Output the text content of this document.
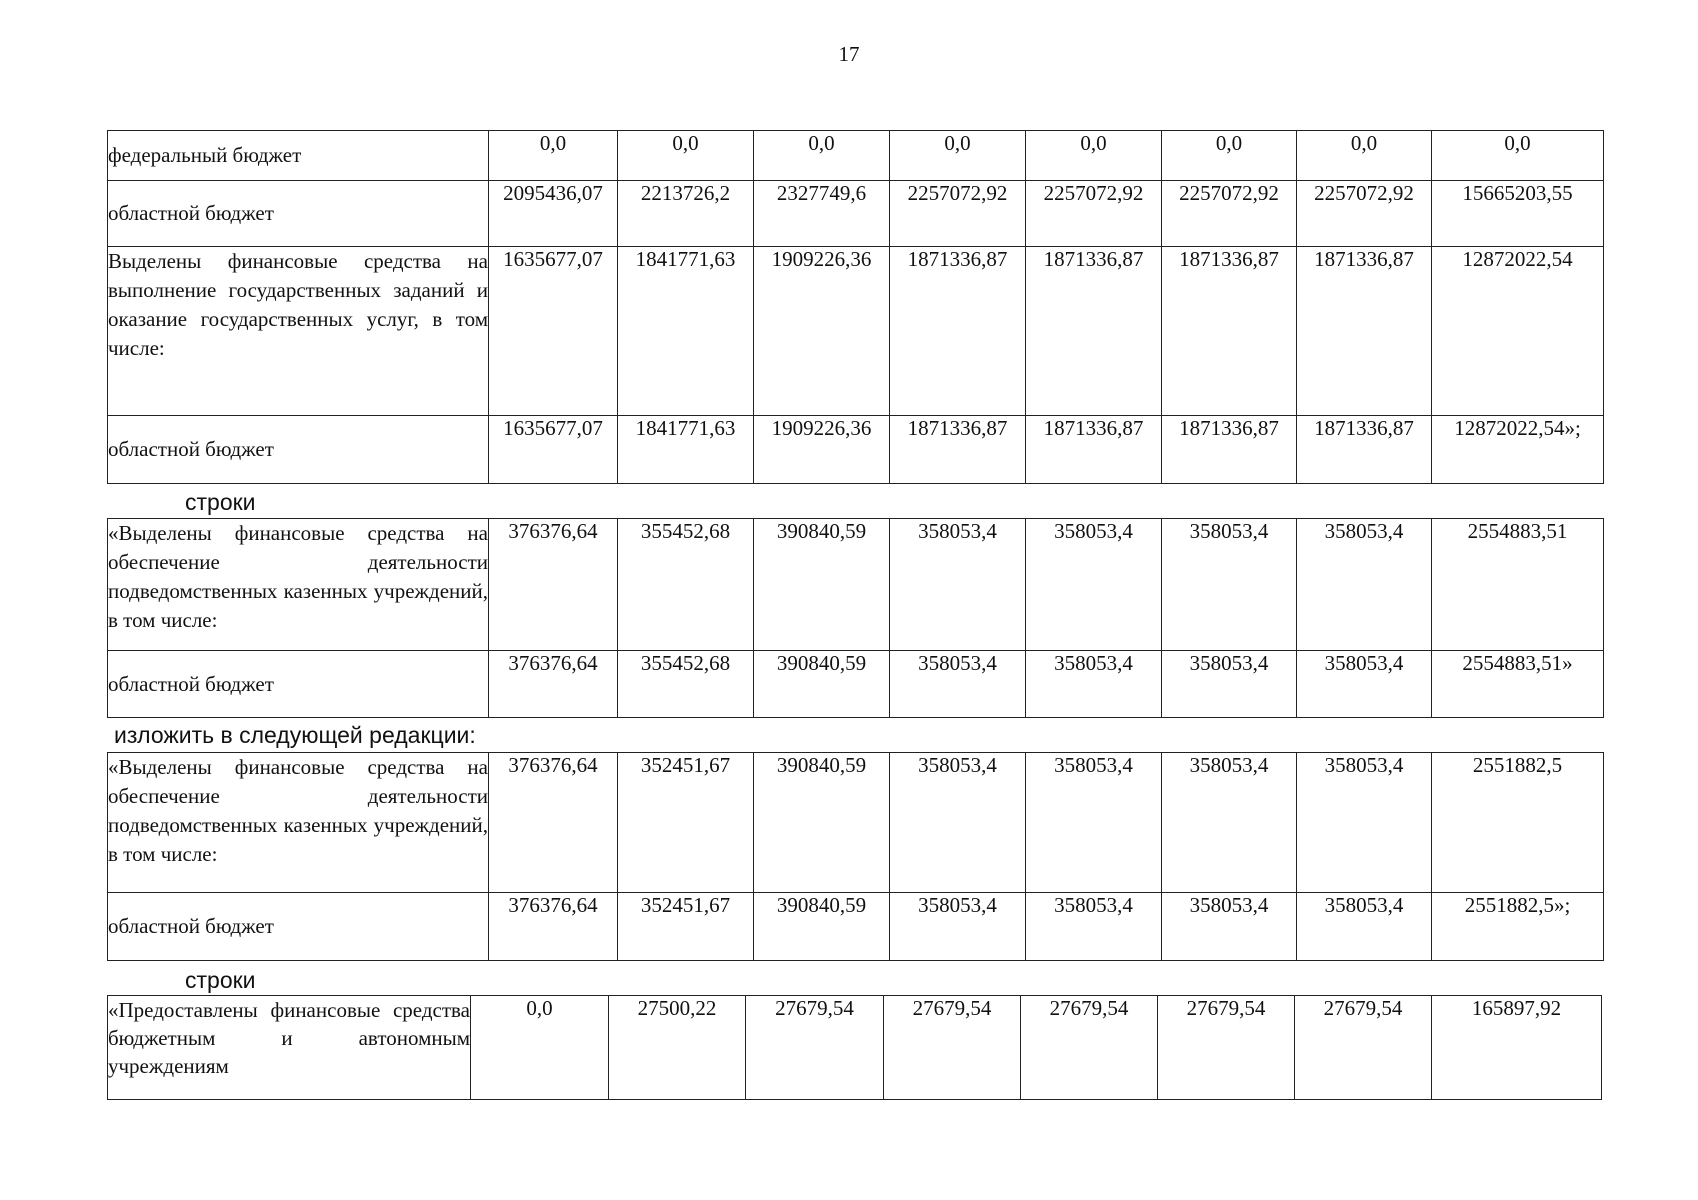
17
федеральный бюджет	0,0	0,0	0,0	0,0	0,0	0,0	0,0	0,0
областной бюджет	2095436,07	2213726,2	2327749,6	2257072,92	2257072,92	2257072,92	2257072,92	15665203,55
Выделены финансовые средства на выполнение государственных заданий и оказание государственных услуг, в том числе:	1635677,07	1841771,63	1909226,36	1871336,87	1871336,87	1871336,87	1871336,87	12872022,54
областной бюджет	1635677,07	1841771,63	1909226,36	1871336,87	1871336,87	1871336,87	1871336,87	12872022,54»;
строки
«Выделены финансовые средства на обеспечение деятельности подведомственных казенных учреждений, в том числе:	376376,64	355452,68	390840,59	358053,4	358053,4	358053,4	358053,4	2554883,51
областной бюджет	376376,64	355452,68	390840,59	358053,4	358053,4	358053,4	358053,4	2554883,51»
изложить в следующей редакции:
«Выделены финансовые средства на обеспечение деятельности подведомственных казенных учреждений, в том числе:	376376,64	352451,67	390840,59	358053,4	358053,4	358053,4	358053,4	2551882,5
областной бюджет	376376,64	352451,67	390840,59	358053,4	358053,4	358053,4	358053,4	2551882,5»;
строки
«Предоставлены финансовые средства бюджетным и автономным учреждениям	0,0	27500,22	27679,54	27679,54	27679,54	27679,54	27679,54	165897,92
